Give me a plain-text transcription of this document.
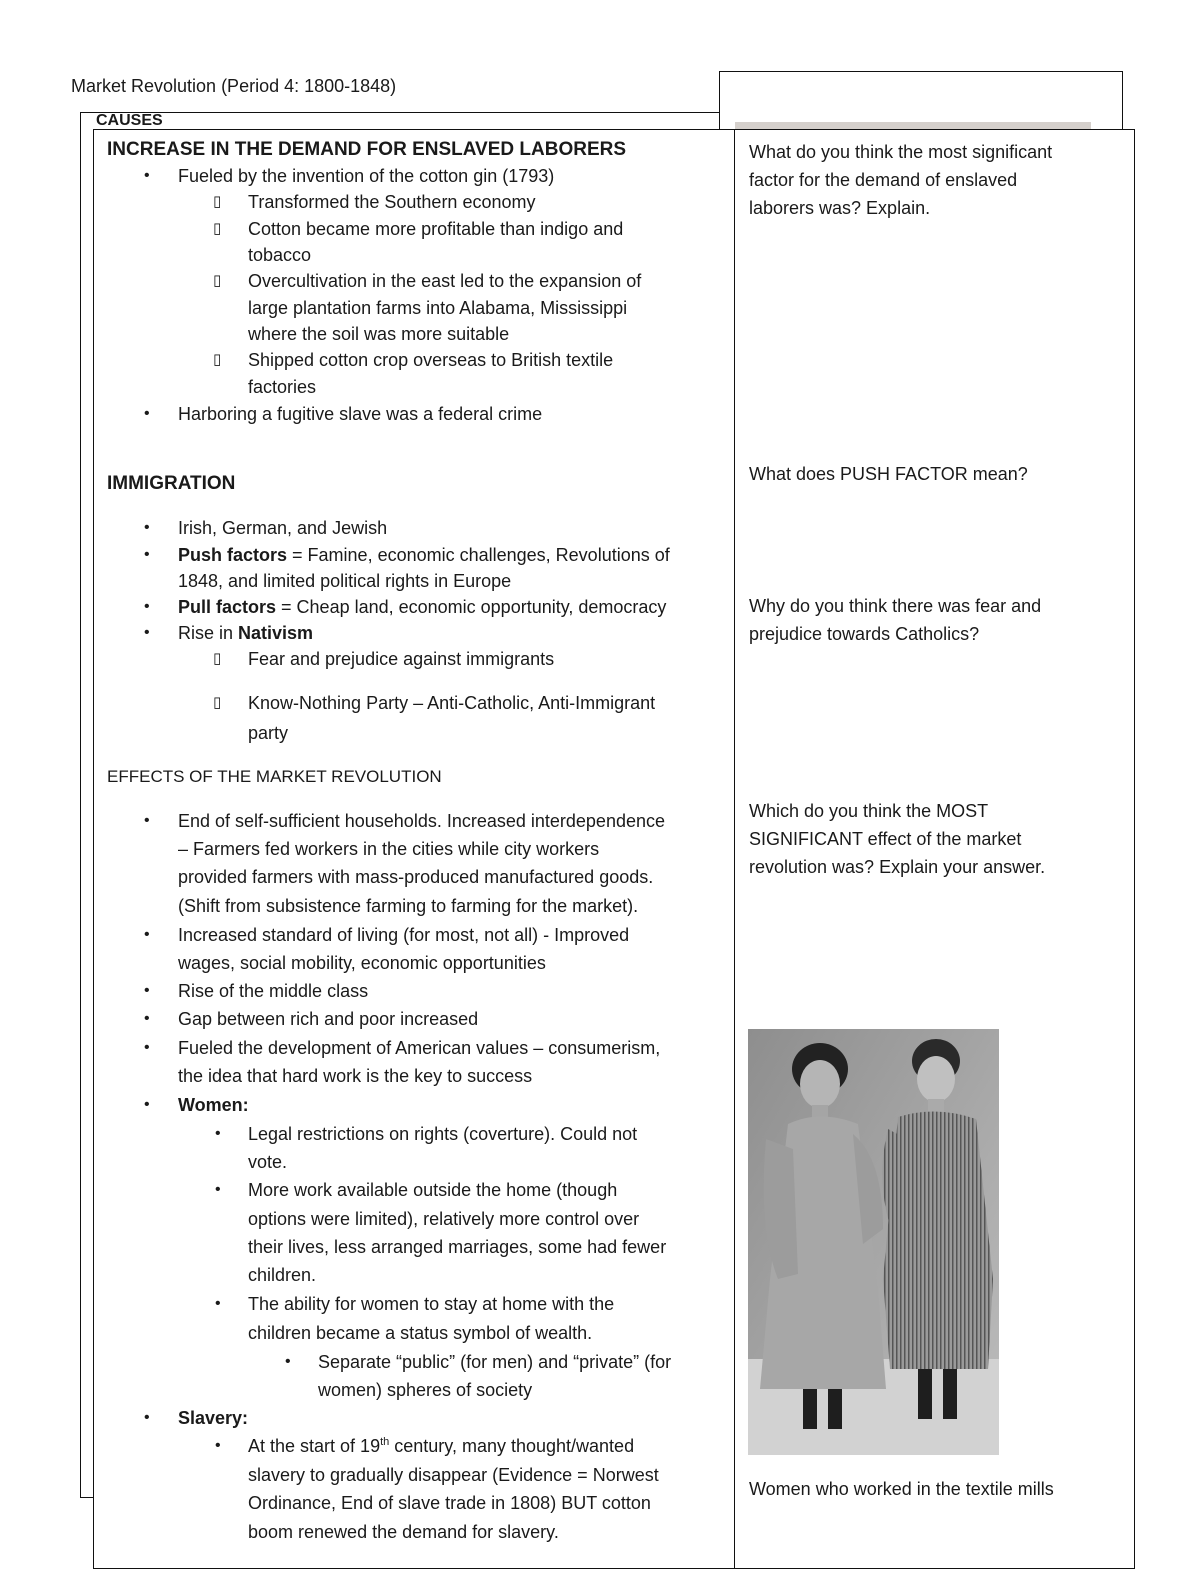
Market Revolution (Period 4: 1800-1848)
CAUSES
INCREASE IN THE DEMAND FOR ENSLAVED LABORERS
• Fueled by the invention of the cotton gin (1793)
▯ Transformed the Southern economy
▯ Cotton became more profitable than indigo and
tobacco
▯ Overcultivation in the east led to the expansion of
large plantation farms into Alabama, Mississippi
where the soil was more suitable
▯ Shipped cotton crop overseas to British textile
factories
• Harboring a fugitive slave was a federal crime
IMMIGRATION
• Irish, German, and Jewish
• Push factors = Famine, economic challenges, Revolutions of
1848, and limited political rights in Europe
• Pull factors = Cheap land, economic opportunity, democracy
• Rise in Nativism
▯ Fear and prejudice against immigrants
▯ Know-Nothing Party – Anti-Catholic, Anti-Immigrant
party
EFFECTS OF THE MARKET REVOLUTION
• End of self-sufficient households. Increased interdependence
– Farmers fed workers in the cities while city workers
provided farmers with mass-produced manufactured goods.
(Shift from subsistence farming to farming for the market).
• Increased standard of living (for most, not all) - Improved
wages, social mobility, economic opportunities
• Rise of the middle class
• Gap between rich and poor increased
• Fueled the development of American values – consumerism,
the idea that hard work is the key to success
• Women:
• Legal restrictions on rights (coverture). Could not
vote.
• More work available outside the home (though
options were limited), relatively more control over
their lives, less arranged marriages, some had fewer
children.
• The ability for women to stay at home with the
children became a status symbol of wealth.
• Separate “public” (for men) and “private” (for
women) spheres of society
• Slavery:
• At the start of 19th century, many thought/wanted
slavery to gradually disappear (Evidence = Norwest
Ordinance, End of slave trade in 1808) BUT cotton
boom renewed the demand for slavery.
What do you think the most significant
factor for the demand of enslaved
laborers was? Explain.
What does PUSH FACTOR mean?
Why do you think there was fear and
prejudice towards Catholics?
Which do you think the MOST
SIGNIFICANT effect of the market
revolution was? Explain your answer.
Women who worked in the textile mills
